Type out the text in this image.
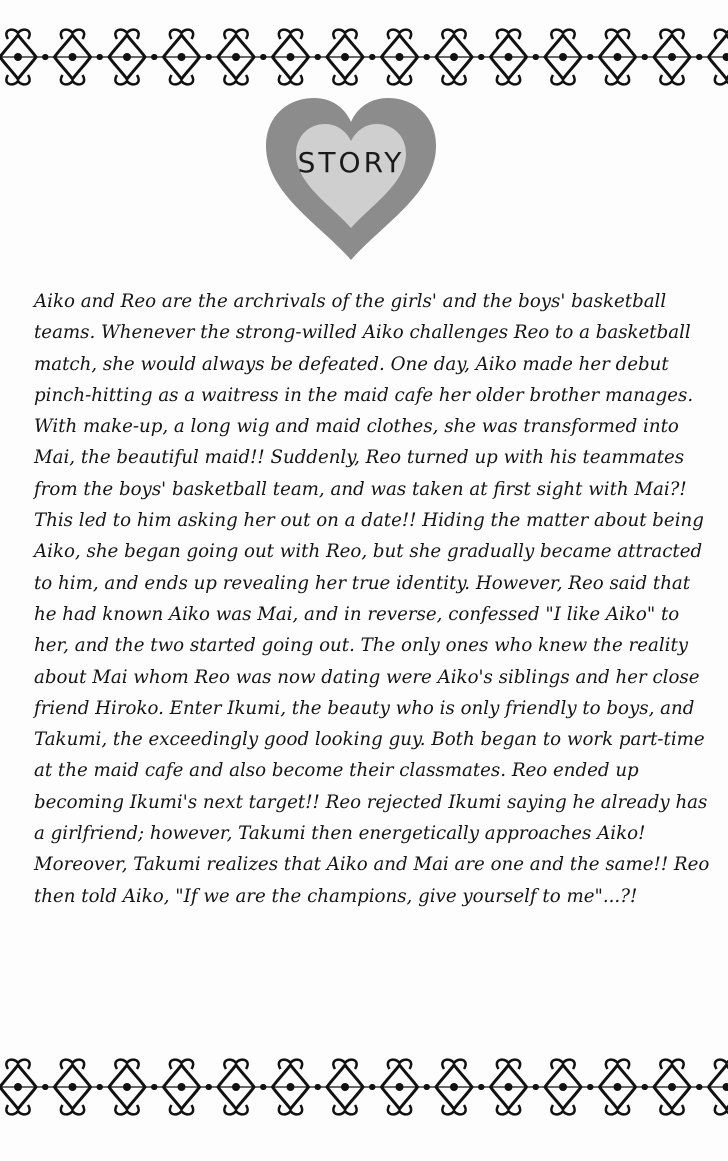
STORY
Aiko and Reo are the archrivals of the girls' and the boys' basketball
teams. Whenever the strong-willed Aiko challenges Reo to a basketball
match, she would always be defeated. One day, Aiko made her debut
pinch-hitting as a waitress in the maid cafe her older brother manages.
With make-up, a long wig and maid clothes, she was transformed into
Mai, the beautiful maid!! Suddenly, Reo turned up with his teammates
from the boys' basketball team, and was taken at first sight with Mai?!
This led to him asking her out on a date!! Hiding the matter about being
Aiko, she began going out with Reo, but she gradually became attracted
to him, and ends up revealing her true identity. However, Reo said that
he had known Aiko was Mai, and in reverse, confessed "I like Aiko" to
her, and the two started going out. The only ones who knew the reality
about Mai whom Reo was now dating were Aiko's siblings and her close
friend Hiroko. Enter Ikumi, the beauty who is only friendly to boys, and
Takumi, the exceedingly good looking guy. Both began to work part-time
at the maid cafe and also become their classmates. Reo ended up
becoming Ikumi's next target!! Reo rejected Ikumi saying he already has
a girlfriend; however, Takumi then energetically approaches Aiko!
Moreover, Takumi realizes that Aiko and Mai are one and the same!! Reo
then told Aiko, "If we are the champions, give yourself to me"...?!
